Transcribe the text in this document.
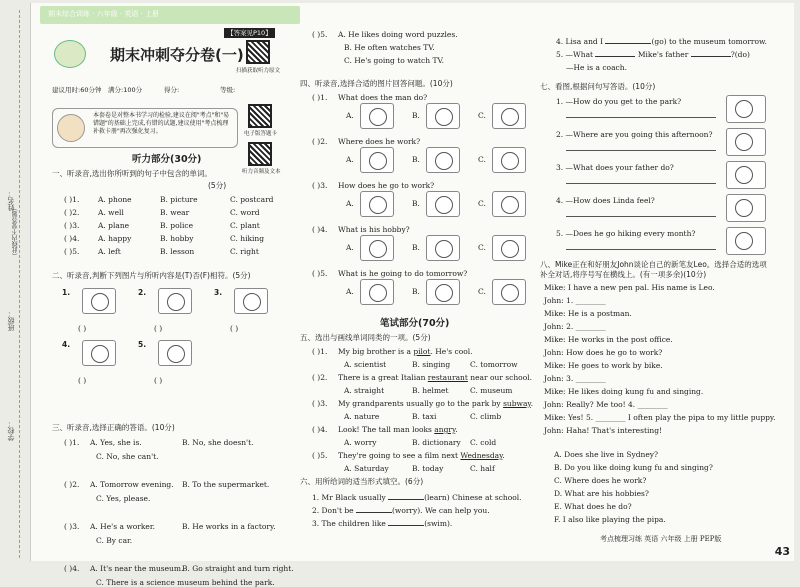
姓名：
（此线内不要答题）
班级：
学校：
期末综合训练 · 六年级 · 英语 · 上册
【答案见P10】
期末冲刺夺分卷(一)
扫描获取听力原文
建议用时:60分钟 满分:100分	得分:	等级:
本套卷是对整本书学习的检验,建议在阅"考点"和"易错题"的基础上完成,有错的试题,建议使用"考点梳理补救卡册"再次强化复习。	电子版答题卡
听力音频及文本
听力部分(30分)
一、听录音,选出你所听到的句子中包含的单词。
(5分)
( )1. A. phone	B. picture	C. postcard
( )2. A. well	B. wear	C. word
( )3. A. plane	B. police	C. plant
( )4. A. happy	B. hobby	C. hiking
( )5. A. left	B. lesson	C. right
二、听录音,判断下列图片与所听内容是(T)否(F)相符。(5分)
1.
( )
2.
( )
3.
( )
4.
( )
5.
( )
三、听录音,选择正确的答语。(10分)
( )1. A. Yes, she is.	B. No, she doesn't.
C. No, she can't.
( )2. A. Tomorrow evening. B. To the supermarket.
C. Yes, please.
( )3. A. He's a worker.	B. He works in a factory.
C. By car.
( )4. A. It's near the museum.
B. Go straight and turn right.
C. There is a science museum behind the park.
( )5. A. He likes doing word puzzles.
B. He often watches TV.
C. He's going to watch TV.
四、听录音,选择合适的图片回答问题。(10分)
( )1. What does the man do?
A.	B.	C.
( )2. Where does he work?
A.	B.	C.
( )3. How does he go to work?
A.	B.	C.
( )4. What is his hobby?
A.	B.	C.
( )5. What is he going to do tomorrow?
A.	B.	C.
笔试部分(70分)
五、选出与画线单词同类的一项。(5分)
( )1. My big brother is a pilot. He's cool.
A. scientist	B. singing	C. tomorrow
( )2. There is a great Italian restaurant near our school.
A. straight	B. helmet	C. museum
( )3. My grandparents usually go to the park by subway.
A. nature	B. taxi	C. climb
( )4. Look! The tall man looks angry.
A. worry	B. dictionary C. cold
( )5. They're going to see a film next Wednesday.
A. Saturday	B. today	C. half
六、用所给词的适当形式填空。(6分)
1. Mr Black usually	(learn) Chinese at school.
2. Don't be	(worry). We can help you.
3. The children like	(swim).
4. Lisa and I	(go) to the museum tomorrow.
5. —What	Mike's father	?(do)
—He is a coach.
七、看图,根据问句写答语。(10分)
1. —How do you get to the park?
2. —Where are you going this afternoon?
3. —What does your father do?
4. —How does Linda feel?
5. —Does he go hiking every month?
八、Mike正在和好朋友John谈论自己的新笔友Leo。选择合适的选项补全对话,将序号写在横线上。(有一项多余)(10分)
Mike: I have a new pen pal. His name is Leo.
John: 1. ________
Mike: He is a postman.
John: 2. ________
Mike: He works in the post office.
John: How does he go to work?
Mike: He goes to work by bike.
John: 3. ________
Mike: He likes doing kung fu and singing.
John: Really? Me too! 4. ________
Mike: Yes! 5. ________ I often play the pipa to my little puppy.
John: Haha! That's interesting!
A. Does she live in Sydney?
B. Do you like doing kung fu and singing?
C. Where does he work?
D. What are his hobbies?
E. What does he do?
F. I also like playing the pipa.
考点梳理习练 英语 六年级 上册 PEP版
43
